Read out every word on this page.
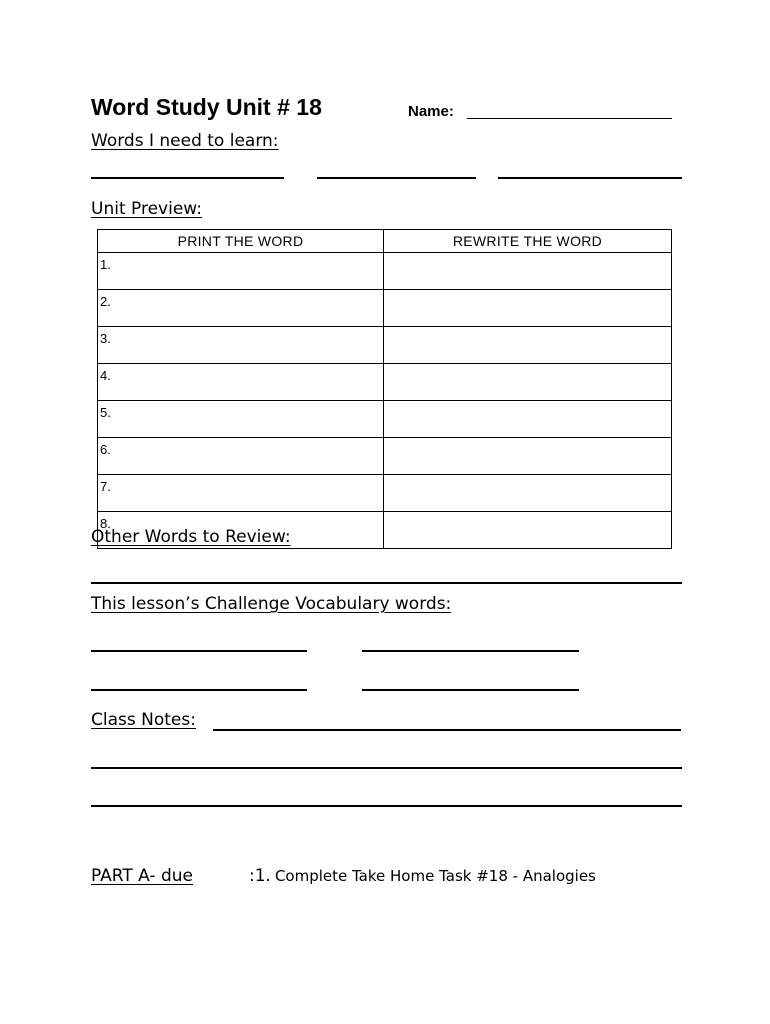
Word Study Unit # 18	Name:
Words I need to learn:
Unit Preview:
PRINT THE WORD	REWRITE THE WORD
1.	
2.	
3.	
4.	
5.	
6.	
7.	
8.	
Other Words to Review:
This lesson’s Challenge Vocabulary words:
Class Notes:
PART A- due	:1. Complete Take Home Task #18 - Analogies
